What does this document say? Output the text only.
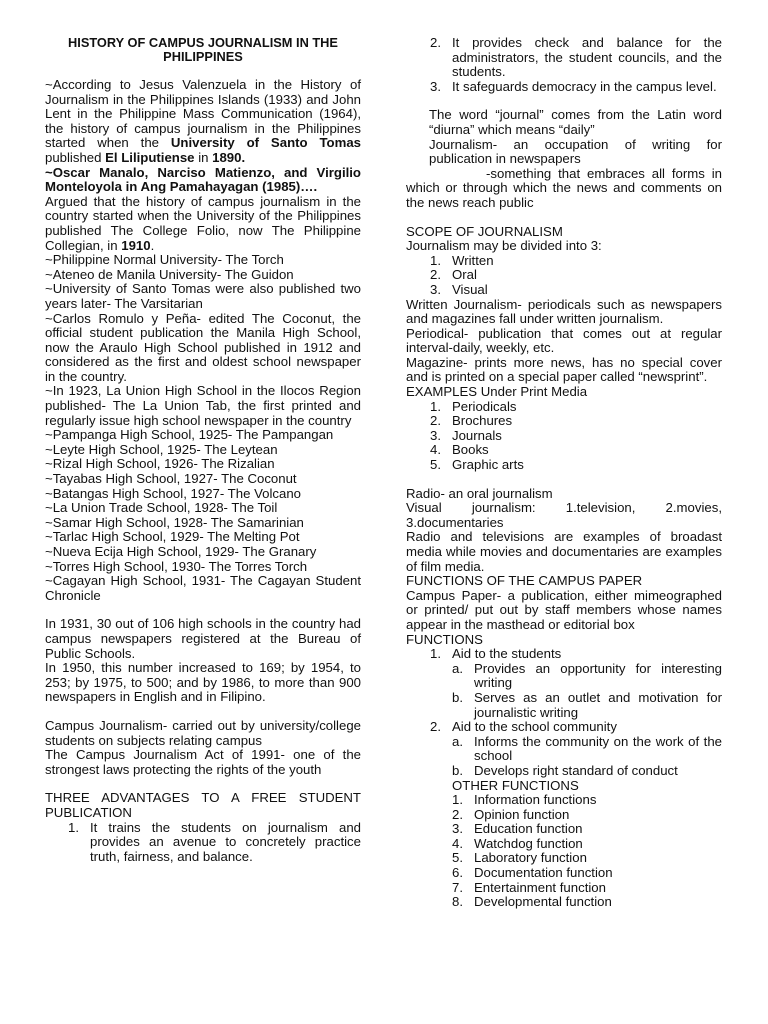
HISTORY OF CAMPUS JOURNALISM IN THE PHILIPPINES

~According to Jesus Valenzuela in the History of Journalism in the Philippines Islands (1933) and John Lent in the Philippine Mass Communication (1964), the history of campus journalism in the Philippines started when the University of Santo Tomas published El Liliputiense in 1890.

~Oscar Manalo, Narciso Matienzo, and Virgilio Monteloyola in Ang Pamahayagan (1985)….

Argued that the history of campus journalism in the country started when the University of the Philippines published The College Folio, now The Philippine Collegian, in 1910.

~Philippine Normal University- The Torch

~Ateneo de Manila University- The Guidon

~University of Santo Tomas were also published two years later- The Varsitarian

~Carlos Romulo y Peña- edited The Coconut, the official student publication the Manila High School, now the Araulo High School published in 1912 and considered as the first and oldest school newspaper in the country.

~In 1923, La Union High School in the Ilocos Region published- The La Union Tab, the first printed and regularly issue high school newspaper in the country

~Pampanga High School, 1925- The Pampangan

~Leyte High School, 1925- The Leytean

~Rizal High School, 1926- The Rizalian

~Tayabas High School, 1927- The Coconut

~Batangas High School, 1927- The Volcano

~La Union Trade School, 1928- The Toil

~Samar High School, 1928- The Samarinian

~Tarlac High School, 1929- The Melting Pot

~Nueva Ecija High School, 1929- The Granary

~Torres High School, 1930- The Torres Torch

~Cagayan High School, 1931- The Cagayan Student Chronicle

In 1931, 30 out of 106 high schools in the country had campus newspapers registered at the Bureau of Public Schools.

In 1950, this number increased to 169; by 1954, to 253; by 1975, to 500; and by 1986, to more than 900 newspapers in English and in Filipino.

Campus Journalism- carried out by university/college students on subjects relating campus

The Campus Journalism Act of 1991- one of the strongest laws protecting the rights of the youth

THREE ADVANTAGES TO A FREE STUDENT PUBLICATION

1. It trains the students on journalism and provides an avenue to concretely practice truth, fairness, and balance.
2. It provides check and balance for the administrators, the student councils, and the students.
3. It safeguards democracy in the campus level.

The word “journal” comes from the Latin word “diurna” which means “daily”

Journalism- an occupation of writing for publication in newspapers

-something that embraces all forms in which or through which the news and comments on the news reach public

SCOPE OF JOURNALISM

Journalism may be divided into 3:

1. Written
2. Oral
3. Visual

Written Journalism- periodicals such as newspapers and magazines fall under written journalism.

Periodical- publication that comes out at regular interval-daily, weekly, etc.

Magazine- prints more news, has no special cover and is printed on a special paper called “newsprint”.

EXAMPLES Under Print Media

1. Periodicals
2. Brochures
3. Journals
4. Books
5. Graphic arts

Radio- an oral journalism

Visual journalism: 1.television, 2.movies, 3.documentaries

Radio and televisions are examples of broadast media while movies and documentaries are examples of film media.

FUNCTIONS OF THE CAMPUS PAPER

Campus Paper- a publication, either mimeographed or printed/ put out by staff members whose names appear in the masthead or editorial box

FUNCTIONS

1. Aid to the students
a. Provides an opportunity for interesting writing
b. Serves as an outlet and motivation for journalistic writing
2. Aid to the school community
a. Informs the community on the work of the school
b. Develops right standard of conduct

OTHER FUNCTIONS

1. Information functions
2. Opinion function
3. Education function
4. Watchdog function
5. Laboratory function
6. Documentation function
7. Entertainment function
8. Developmental function
